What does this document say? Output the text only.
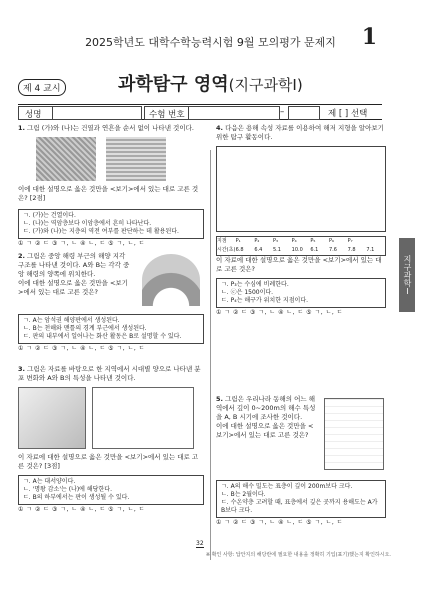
1
2025학년도 대학수학능력시험 9월 모의평가 문제지
제 4 교시	과학탐구 영역(지구과학Ⅰ)
성명	수험 번호	–	제 [ ] 선택
1. 그림 (가)와 (나)는 건열과 연흔을 순서 없이 나타낸 것이다.
이에 대한 설명으로 옳은 것만을 <보기>에서 있는 대로 고른 것은? [2점]
ㄱ. (가)는 건열이다.
ㄴ. (나)는 역암층보다 이암층에서 흔히 나타난다.
ㄷ. (가)와 (나)는 지층의 역전 여부를 판단하는 데 활용된다.
① ㄱ ② ㄷ ③ ㄱ, ㄴ ④ ㄴ, ㄷ ⑤ ㄱ, ㄴ, ㄷ
2. 그림은 중앙 해령 부근의 해양 지각 구조를 나타낸 것이다. A와 B는 각각 중앙 해령의 양쪽에 위치한다.
이에 대한 설명으로 옳은 것만을 <보기>에서 있는 대로 고른 것은?
ㄱ. A는 암석권 해양판에서 생성된다.
ㄴ. B는 천해와 맨틀의 경계 부근에서 생성된다.
ㄷ. 판의 내부에서 일어나는 화산 활동은 B로 설명할 수 있다.
① ㄱ ② ㄷ ③ ㄱ, ㄴ ④ ㄴ, ㄷ ⑤ ㄱ, ㄴ, ㄷ
3. 그림은 자료를 바탕으로 한 지역에서 시대별 양으로 나타낸 분포 변화와 A와 B의 특성을 나타낸 것이다.
이 자료에 대한 설명으로 옳은 것만을 <보기>에서 있는 대로 고른 것은? [3점]
ㄱ. A는 대서양이다.
ㄴ. '명왕 감소'는 (나)에 해당한다.
ㄷ. B의 하부에서는 판이 생성될 수 있다.
① ㄱ ② ㄷ ③ ㄱ, ㄴ ④ ㄴ, ㄷ ⑤ ㄱ, ㄴ, ㄷ
4. 다음은 용해 속성 자료를 이용하여 해저 지형을 알아보기 위한 탐구 활동이다.
지점	P₁	P₂	P₃	P₄	P₅	P₆	P₇
시간(초) 6.8	6.4	5.1	10.0	6.1	7.6	7.8	7.1
이 자료에 대한 설명으로 옳은 것만을 <보기>에서 있는 대로 고른 것은?
ㄱ. P₃는 수심에 비례한다.
ㄴ. ⓒ은 1500이다.
ㄷ. P₄는 해구가 위치한 지점이다.
① ㄱ ② ㄷ ③ ㄱ, ㄴ ④ ㄴ, ㄷ ⑤ ㄱ, ㄴ, ㄷ
5. 그림은 우리나라 동해의 어느 해역에서 깊이 0~200m의 해수 특성을 A, B 시기에 조사한 것이다.
이에 대한 설명으로 옳은 것만을 <보기>에서 있는 대로 고른 것은?
ㄱ. A의 해수 밀도는 표층이 깊이 200m보다 크다.
ㄴ. B는 2월이다.
ㄷ. 수온약층 고려할 때, 표층에서 깊은 곳까지 용해도는 A가 B보다 크다.
① ㄱ ② ㄷ ③ ㄱ, ㄴ ④ ㄴ, ㄷ ⑤ ㄱ, ㄴ, ㄷ
지구과학Ⅰ
32
※ 확인 사항: 답안지의 해당란에 필요한 내용을 정확히 기입(표기)했는지 확인하시오.
